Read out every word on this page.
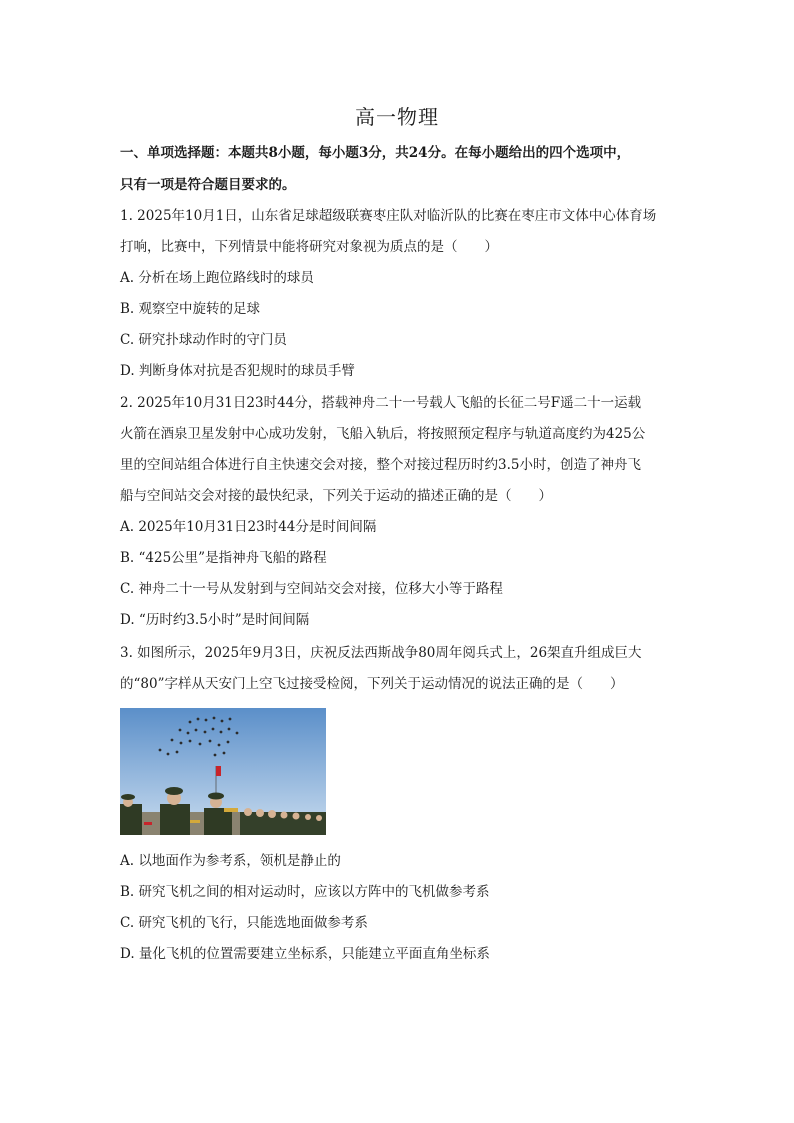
高一物理
一、单项选择题：本题共8小题，每小题3分，共24分。在每小题给出的四个选项中，
只有一项是符合题目要求的。
1. 2025年10月1日，山东省足球超级联赛枣庄队对临沂队的比赛在枣庄市文体中心体育场
打响，比赛中，下列情景中能将研究对象视为质点的是（　　）
A. 分析在场上跑位路线时的球员
B. 观察空中旋转的足球
C. 研究扑球动作时的守门员
D. 判断身体对抗是否犯规时的球员手臂
2. 2025年10月31日23时44分，搭载神舟二十一号载人飞船的长征二号F遥二十一运载
火箭在酒泉卫星发射中心成功发射，飞船入轨后，将按照预定程序与轨道高度约为425公
里的空间站组合体进行自主快速交会对接，整个对接过程历时约3.5小时，创造了神舟飞
船与空间站交会对接的最快纪录，下列关于运动的描述正确的是（　　）
A. 2025年10月31日23时44分是时间间隔
B. “425公里”是指神舟飞船的路程
C. 神舟二十一号从发射到与空间站交会对接，位移大小等于路程
D. “历时约3.5小时”是时间间隔
3. 如图所示，2025年9月3日，庆祝反法西斯战争80周年阅兵式上，26架直升组成巨大
的“80”字样从天安门上空飞过接受检阅，下列关于运动情况的说法正确的是（　　）
A. 以地面作为参考系，领机是静止的
B. 研究飞机之间的相对运动时，应该以方阵中的飞机做参考系
C. 研究飞机的飞行，只能选地面做参考系
D. 量化飞机的位置需要建立坐标系，只能建立平面直角坐标系
